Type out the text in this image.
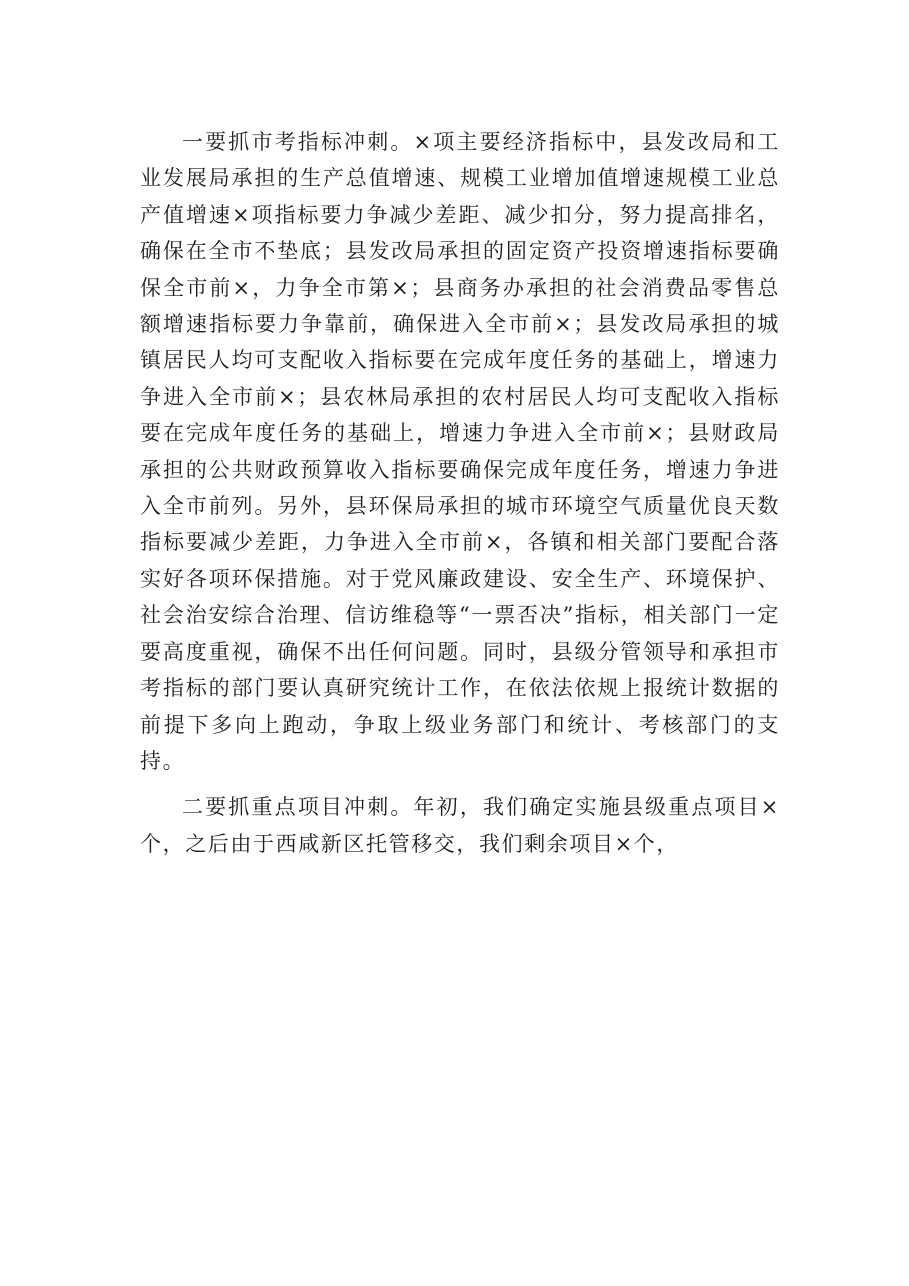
一要抓市考指标冲刺。×项主要经济指标中，县发改局和工业发展局承担的生产总值增速、规模工业增加值增速规模工业总产值增速×项指标要力争减少差距、减少扣分，努力提高排名，确保在全市不垫底；县发改局承担的固定资产投资增速指标要确保全市前×，力争全市第×；县商务办承担的社会消费品零售总额增速指标要力争靠前，确保进入全市前×；县发改局承担的城镇居民人均可支配收入指标要在完成年度任务的基础上，增速力争进入全市前×；县农林局承担的农村居民人均可支配收入指标要在完成年度任务的基础上，增速力争进入全市前×；县财政局承担的公共财政预算收入指标要确保完成年度任务，增速力争进入全市前列。另外，县环保局承担的城市环境空气质量优良天数指标要减少差距，力争进入全市前×，各镇和相关部门要配合落实好各项环保措施。对于党风廉政建设、安全生产、环境保护、社会治安综合治理、信访维稳等“一票否决”指标，相关部门一定要高度重视，确保不出任何问题。同时，县级分管领导和承担市考指标的部门要认真研究统计工作，在依法依规上报统计数据的前提下多向上跑动，争取上级业务部门和统计、考核部门的支持。

二要抓重点项目冲刺。年初，我们确定实施县级重点项目×个，之后由于西咸新区托管移交，我们剩余项目×个，
